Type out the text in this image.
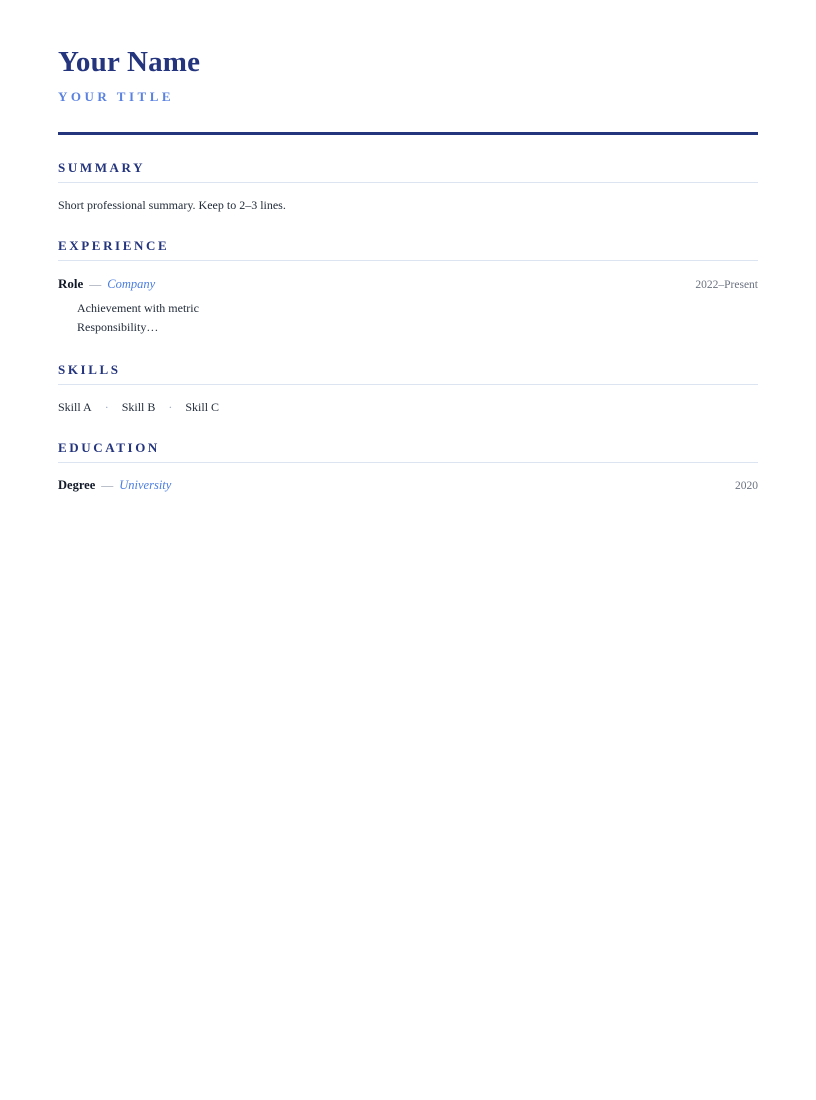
Your Name
YOUR TITLE
SUMMARY
Short professional summary. Keep to 2–3 lines.
EXPERIENCE
Role — Company	2022–Present
Achievement with metric
Responsibility…
SKILLS
Skill A · Skill B · Skill C
EDUCATION
Degree — University	2020
